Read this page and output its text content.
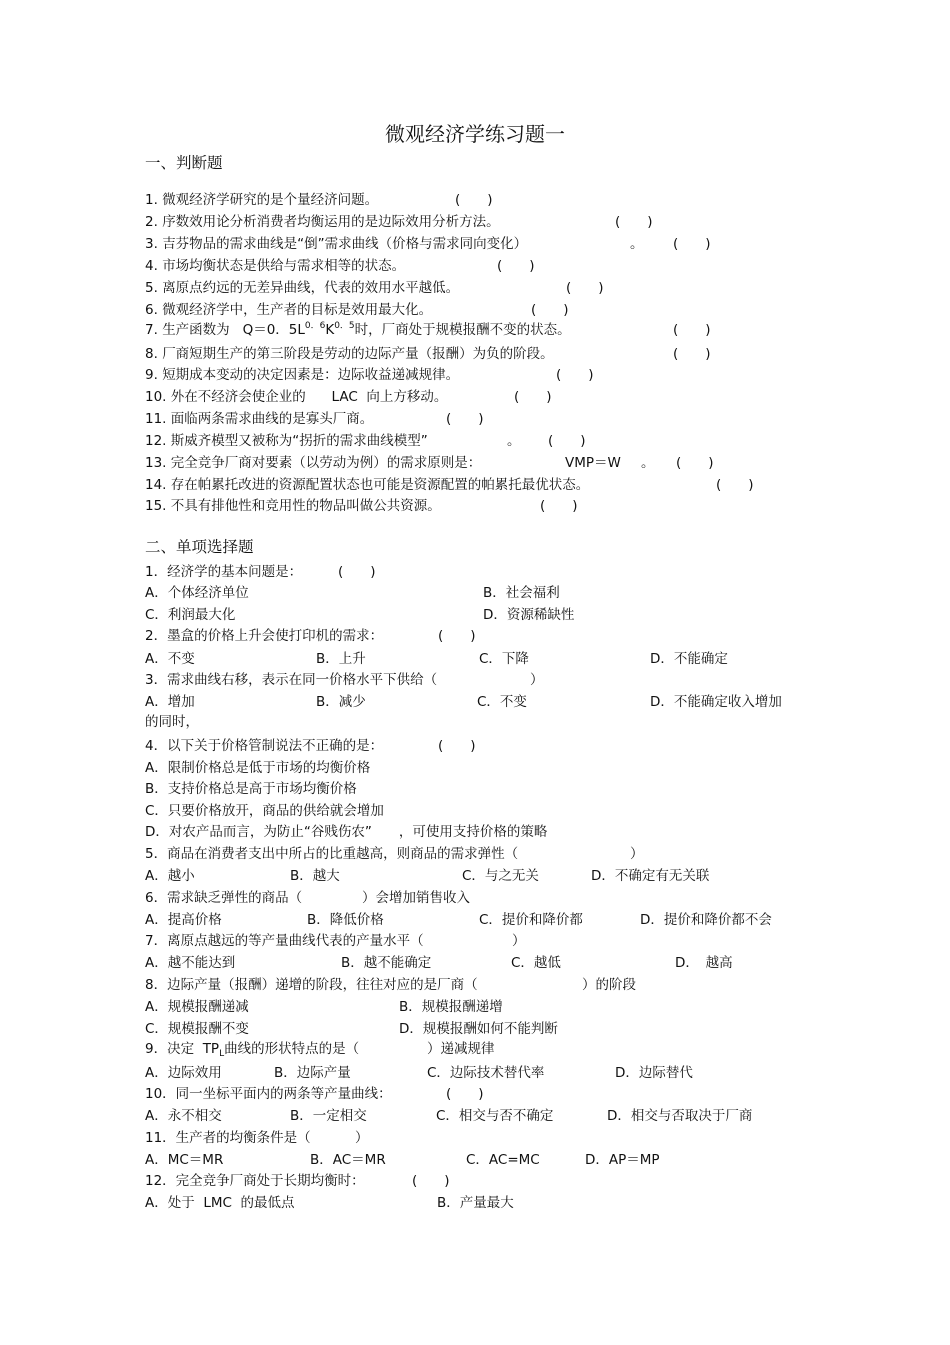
微观经济学练习题一
一、判断题
1. 微观经济学研究的是个量经济问题。	(　　)
2. 序数效用论分析消费者均衡运用的是边际效用分析方法。	(　　)
3. 吉芬物品的需求曲线是“倒”需求曲线（价格与需求同向变化）	。 (　　)
4. 市场均衡状态是供给与需求相等的状态。	(　　)
5. 离原点约远的无差异曲线，代表的效用水平越低。	(　　)
6. 微观经济学中，生产者的目标是效用最大化。	(　　)
7. 生产函数为 Q＝0．$5L^{0.6}K^{0.5}$时，厂商处于规模报酬不变的状态。	(　　)
8. 厂商短期生产的第三阶段是劳动的边际产量（报酬）为负的阶段。	(　　)
9. 短期成本变动的决定因素是：边际收益递减规律。	(　　)
10. 外在不经济会使企业的 LAC 向上方移动。	(　　)
11. 面临两条需求曲线的是寡头厂商。	(　　)
12. 斯威齐模型又被称为“拐折的需求曲线模型”	。 (　　)
13. 完全竞争厂商对要素（以劳动为例）的需求原则是：	VMP＝W 。 (　　)
14. 存在帕累托改进的资源配置状态也可能是资源配置的帕累托最优状态。	(　　)
15. 不具有排他性和竞用性的物品叫做公共资源。	(　　)
二、单项选择题
1．经济学的基本问题是：	(　　)
A．个体经济单位	B．社会福利
C．利润最大化	D．资源稀缺性
2．墨盒的价格上升会使打印机的需求：	(　　)
A．不变	B．上升	C．下降	D．不能确定
3．需求曲线右移，表示在同一价格水平下供给（	）
A．增加	B．减少	C．不变	D．不能确定收入增加
的同时，
4．以下关于价格管制说法不正确的是：	(　　)
A．限制价格总是低于市场的均衡价格
B．支持价格总是高于市场均衡价格
C．只要价格放开，商品的供给就会增加
D．对农产品而言，为防止“谷贱伤农”　　 ，可使用支持价格的策略
5．商品在消费者支出中所占的比重越高，则商品的需求弹性（	）
A．越小	B．越大	C．与之无关	D．不确定有无关联
6．需求缺乏弹性的商品（	）会增加销售收入
A．提高价格	B．降低价格	C．提价和降价都	D．提价和降价都不会
7．离原点越远的等产量曲线代表的产量水平（	）
A．越不能达到	B．越不能确定	C．越低	D．　越高
8．边际产量（报酬）递增的阶段，往往对应的是厂商（	）的阶段
A．规模报酬递减	B．规模报酬递增
C．规模报酬不变	D．规模报酬如何不能判断
9．决定 $TP_L$曲线的形状特点的是（	）递减规律
A．边际效用	B．边际产量	C．边际技术替代率	D．边际替代
10．同一坐标平面内的两条等产量曲线：	(　　)
A．永不相交	B．一定相交	C．相交与否不确定	D．相交与否取决于厂商
11．生产者的均衡条件是（	）
A．MC＝MR	B．AC＝MR	C．AC=MC	D．AP＝MP
12．完全竞争厂商处于长期均衡时：	(　　)
A．处于 LMC 的最低点	B．产量最大
